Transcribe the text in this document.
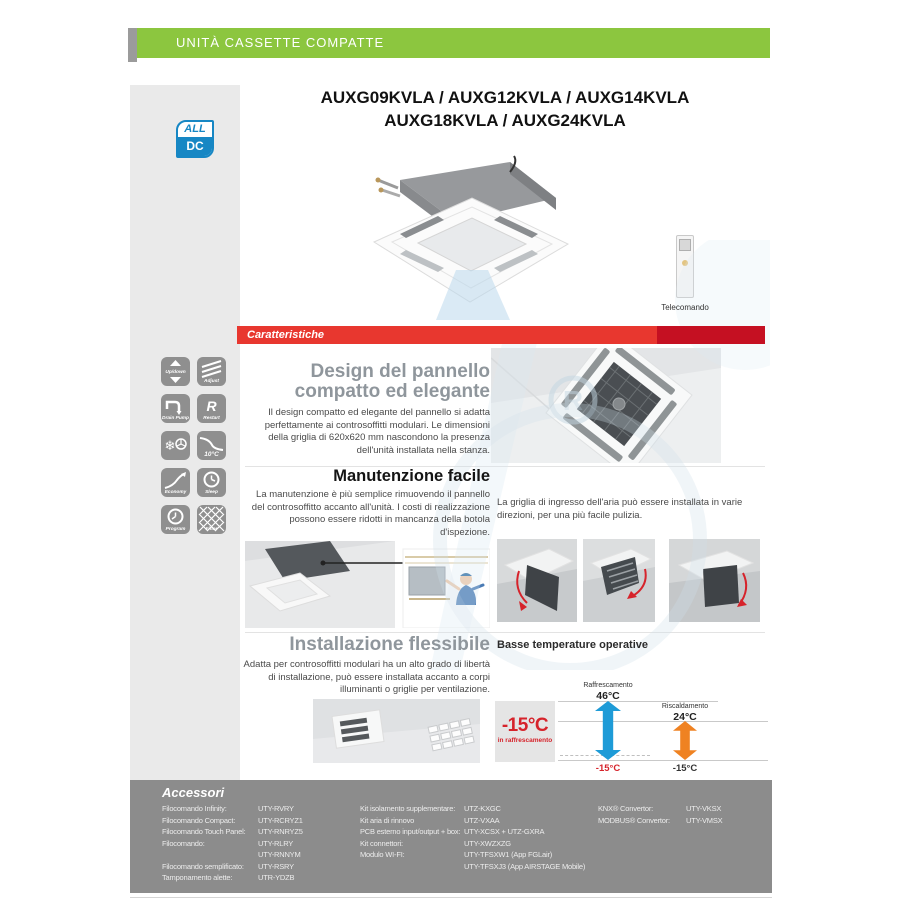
UNITÀ CASSETTE COMPATTE
AUXG09KVLA / AUXG12KVLA / AUXG14KVLA
AUXG18KVLA / AUXG24KVLA
ALL
DC
Telecomando
Caratteristiche
Up/down
Adjust
Drain Pump
R
Restart
❄
10°C
Economy	Sleep
Program	Filter
Design del pannello
compatto ed elegante
Il design compatto ed elegante del pannello si adatta perfettamente ai controsoffitti modulari. Le dimensioni della griglia di 620x620 mm nascondono la presenza dell'unità installata nella stanza.
Manutenzione facile
La manutenzione è più semplice rimuovendo il pannello del controsoffitto accanto all'unità. I costi di realizzazione possono essere ridotti in mancanza della botola d'ispezione.
La griglia di ingresso dell'aria può essere installata in varie direzioni, per una più facile pulizia.
Installazione flessibile
Adatta per controsoffitti modulari ha un alto grado di libertà di installazione, può essere installata accanto a corpi illuminanti o griglie per ventilazione.
Basse temperature operative
-15°C
in raffrescamento
Raffrescamento
46°C
Riscaldamento
24°C
-15°C	-15°C
R
Accessori
Filocomando Infinity:	UTY-RVRY
Filocomando Compact:	UTY-RCRYZ1
Filocomando Touch Panel: UTY-RNRYZ5
Filocomando:	UTY-RLRY
UTY-RNNYM
Filocomando semplificato: UTY-RSRY
Tamponamento alette:	UTR-YDZB
Kit isolamento supplementare: UTZ-KXGC
Kit aria di rinnovo	UTZ-VXAA
PCB esterno input/output + box: UTY-XCSX + UTZ-GXRA
Kit connettori:	UTY-XWZXZG
Modulo WI-FI:	UTY-TFSXW1 (App FGLair)
UTY-TFSXJ3 (App AIRSTAGE Mobile)
KNX® Convertor:	UTY-VKSX
MODBUS® Convertor: UTY-VMSX
